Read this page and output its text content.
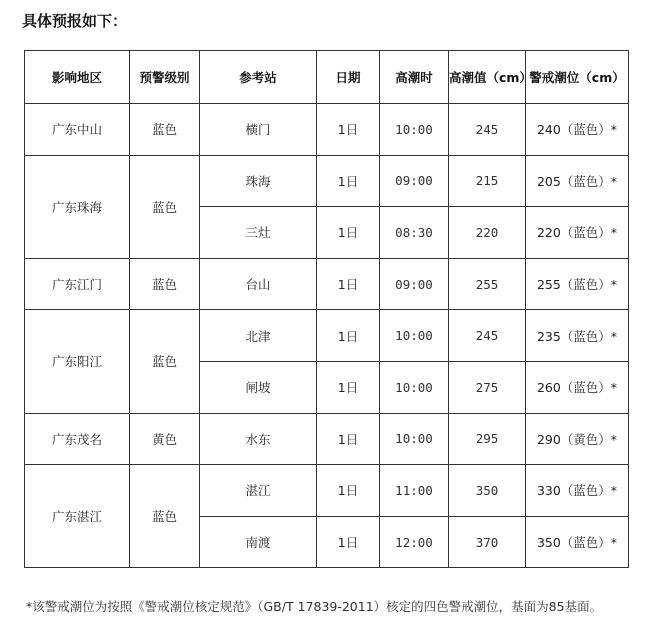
具体预报如下：
影响地区	预警级别	参考站	日期	高潮时	高潮值（cm）	警戒潮位（cm）
广东中山	蓝色	横门	1日	10:00	245	240（蓝色）*
广东珠海	蓝色	珠海	1日	09:00	215	205（蓝色）*
		三灶	1日	08:30	220	220（蓝色）*
广东江门	蓝色	台山	1日	09:00	255	255（蓝色）*
广东阳江	蓝色	北津	1日	10:00	245	235（蓝色）*
		闸坡	1日	10:00	275	260（蓝色）*
广东茂名	黄色	水东	1日	10:00	295	290（黄色）*
广东湛江	蓝色	湛江	1日	11:00	350	330（蓝色）*
		南渡	1日	12:00	370	350（蓝色）*
*该警戒潮位为按照《警戒潮位核定规范》（GB/T 17839-2011）核定的四色警戒潮位，基面为85基面。
